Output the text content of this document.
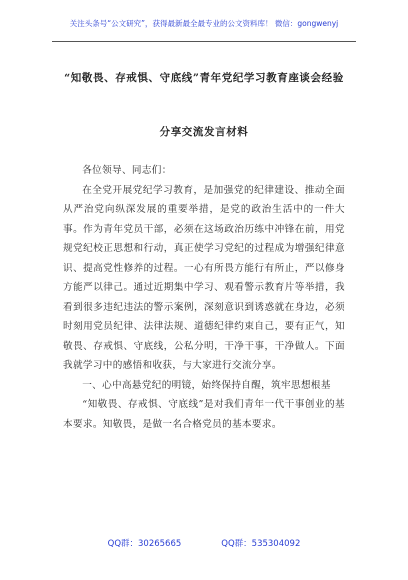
关注头条号“公文研究”，获得最新最全最专业的公文资料库！ 微信：gongwenyj
“知敬畏、存戒惧、守底线”青年党纪学习教育座谈会经验
分享交流发言材料

各位领导、同志们：

在全党开展党纪学习教育，是加强党的纪律建设、推动全面从严治党向纵深发展的重要举措，是党的政治生活中的一件大事。作为青年党员干部，必须在这场政治历练中冲锋在前，用党规党纪校正思想和行动，真正使学习党纪的过程成为增强纪律意识、提高党性修养的过程。一心有所畏方能行有所止，严以修身方能严以律己。通过近期集中学习、观看警示教育片等举措，我看到很多违纪违法的警示案例，深刻意识到诱惑就在身边，必须时刻用党员纪律、法律法规、道德纪律约束自己，要有正气，知敬畏、存戒惧、守底线，公私分明，干净干事，干净做人。下面我就学习中的感悟和收获，与大家进行交流分享。

一、心中高悬党纪的明镜，始终保持自醒，筑牢思想根基

“知敬畏、存戒惧、守底线”是对我们青年一代干事创业的基本要求。知敬畏，是做一名合格党员的基本要求。

QQ群：30265665	QQ群：535304092
